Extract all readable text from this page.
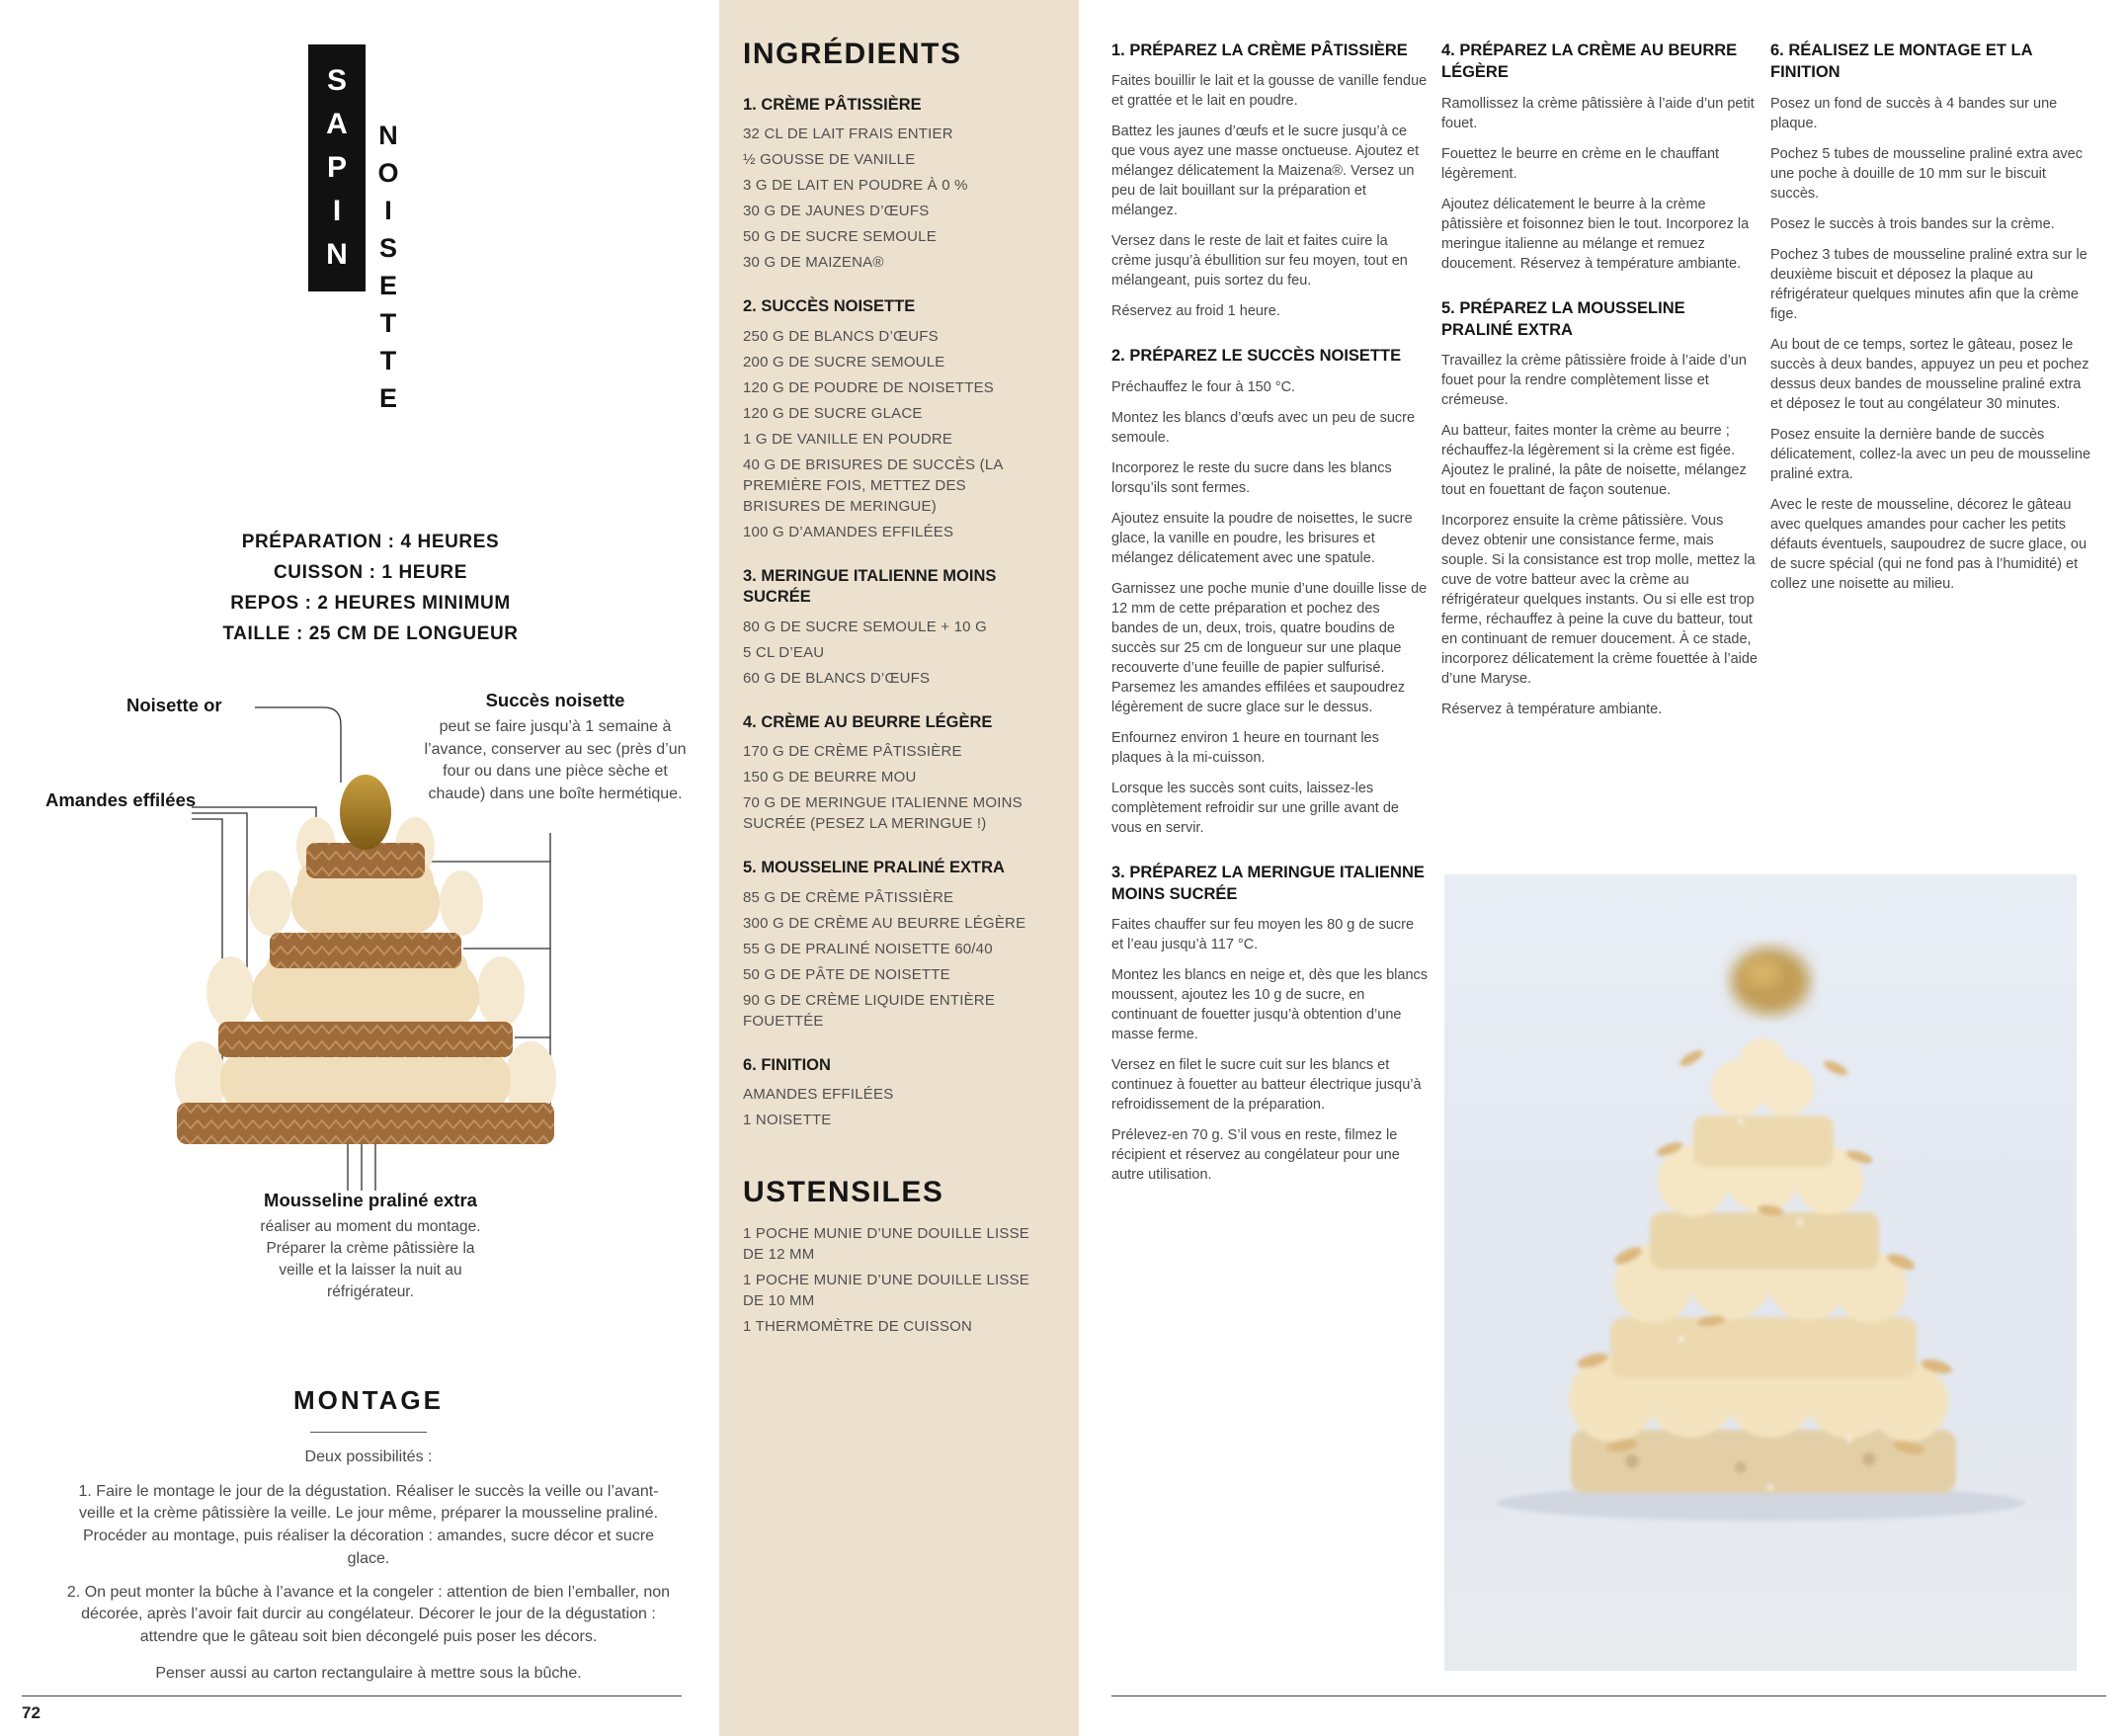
S
A
P
I
N
N
O
I
S
E
T
T
E
PRÉPARATION : 4 HEURES
CUISSON : 1 HEURE
REPOS : 2 HEURES MINIMUM
TAILLE : 25 CM DE LONGUEUR
Noisette or	Succès noisette
peut se faire jusqu’à 1 semaine à l’avance, conserver au sec (près d’un four ou dans une pièce sèche et chaude) dans une boîte hermétique.
Amandes effilées
Mousseline praliné extra
réaliser au moment du montage. Préparer la crème pâtissière la veille et la laisser la nuit au réfrigérateur.
MONTAGE

Deux possibilités :

1. Faire le montage le jour de la dégustation. Réaliser le succès la veille ou l’avant-veille et la crème pâtissière la veille. Le jour même, préparer la mousseline praliné. Procéder au montage, puis réaliser la décoration : amandes, sucre décor et sucre glace.

2. On peut monter la bûche à l’avance et la congeler : attention de bien l’emballer, non décorée, après l’avoir fait durcir au congélateur. Décorer le jour de la dégustation : attendre que le gâteau soit bien décongelé puis poser les décors.

Penser aussi au carton rectangulaire à mettre sous la bûche.

INGRÉDIENTS
1. CRÈME PÂTISSIÈRE
32 CL DE LAIT FRAIS ENTIER
½ GOUSSE DE VANILLE
3 G DE LAIT EN POUDRE À 0 %
30 G DE JAUNES D’ŒUFS
50 G DE SUCRE SEMOULE
30 G DE MAIZENA®
2. SUCCÈS NOISETTE
250 G DE BLANCS D’ŒUFS
200 G DE SUCRE SEMOULE
120 G DE POUDRE DE NOISETTES
120 G DE SUCRE GLACE
1 G DE VANILLE EN POUDRE
40 G DE BRISURES DE SUCCÈS (LA PREMIÈRE FOIS, METTEZ DES BRISURES DE MERINGUE)
100 G D’AMANDES EFFILÉES
3. MERINGUE ITALIENNE MOINS SUCRÉE
80 G DE SUCRE SEMOULE + 10 G
5 CL D’EAU
60 G DE BLANCS D’ŒUFS
4. CRÈME AU BEURRE LÉGÈRE
170 G DE CRÈME PÂTISSIÈRE
150 G DE BEURRE MOU
70 G DE MERINGUE ITALIENNE MOINS SUCRÉE (PESEZ LA MERINGUE !)
5. MOUSSELINE PRALINÉ EXTRA
85 G DE CRÈME PÂTISSIÈRE
300 G DE CRÈME AU BEURRE LÉGÈRE
55 G DE PRALINÉ NOISETTE 60/40
50 G DE PÂTE DE NOISETTE
90 G DE CRÈME LIQUIDE ENTIÈRE FOUETTÉE
6. FINITION
AMANDES EFFILÉES
1 NOISETTE
USTENSILES
1 POCHE MUNIE D’UNE DOUILLE LISSE DE 12 MM
1 POCHE MUNIE D’UNE DOUILLE LISSE DE 10 MM
1 THERMOMÈTRE DE CUISSON
1. PRÉPAREZ LA CRÈME PÂTISSIÈRE

Faites bouillir le lait et la gousse de vanille fendue et grattée et le lait en poudre.

Battez les jaunes d’œufs et le sucre jusqu’à ce que vous ayez une masse onctueuse. Ajoutez et mélangez délicatement la Maizena®. Versez un peu de lait bouillant sur la préparation et mélangez.

Versez dans le reste de lait et faites cuire la crème jusqu’à ébullition sur feu moyen, tout en mélangeant, puis sortez du feu.

Réservez au froid 1 heure.

2. PRÉPAREZ LE SUCCÈS NOISETTE

Préchauffez le four à 150 °C.

Montez les blancs d’œufs avec un peu de sucre semoule.

Incorporez le reste du sucre dans les blancs lorsqu’ils sont fermes.

Ajoutez ensuite la poudre de noisettes, le sucre glace, la vanille en poudre, les brisures et mélangez délicatement avec une spatule.

Garnissez une poche munie d’une douille lisse de 12 mm de cette préparation et pochez des bandes de un, deux, trois, quatre boudins de succès sur 25 cm de longueur sur une plaque recouverte d’une feuille de papier sulfurisé. Parsemez les amandes effilées et saupoudrez légèrement de sucre glace sur le dessus.

Enfournez environ 1 heure en tournant les plaques à la mi-cuisson.

Lorsque les succès sont cuits, laissez-les complètement refroidir sur une grille avant de vous en servir.

3. PRÉPAREZ LA MERINGUE ITALIENNE MOINS SUCRÉE

Faites chauffer sur feu moyen les 80 g de sucre et l’eau jusqu’à 117 °C.

Montez les blancs en neige et, dès que les blancs moussent, ajoutez les 10 g de sucre, en continuant de fouetter jusqu’à obtention d’une masse ferme.

Versez en filet le sucre cuit sur les blancs et continuez à fouetter au batteur électrique jusqu’à refroidissement de la préparation.

Prélevez-en 70 g. S’il vous en reste, filmez le récipient et réservez au congélateur pour une autre utilisation.

4. PRÉPAREZ LA CRÈME AU BEURRE LÉGÈRE

Ramollissez la crème pâtissière à l’aide d’un petit fouet.

Fouettez le beurre en crème en le chauffant légèrement.

Ajoutez délicatement le beurre à la crème pâtissière et foisonnez bien le tout. Incorporez la meringue italienne au mélange et remuez doucement. Réservez à température ambiante.

5. PRÉPAREZ LA MOUSSELINE PRALINÉ EXTRA

Travaillez la crème pâtissière froide à l’aide d’un fouet pour la rendre complètement lisse et crémeuse.

Au batteur, faites monter la crème au beurre ; réchauffez-la légèrement si la crème est figée. Ajoutez le praliné, la pâte de noisette, mélangez tout en fouettant de façon soutenue.

Incorporez ensuite la crème pâtissière. Vous devez obtenir une consistance ferme, mais souple. Si la consistance est trop molle, mettez la cuve de votre batteur avec la crème au réfrigérateur quelques instants. Ou si elle est trop ferme, réchauffez à peine la cuve du batteur, tout en continuant de remuer doucement. À ce stade, incorporez délicatement la crème fouettée à l’aide d’une Maryse.

Réservez à température ambiante.

6. RÉALISEZ LE MONTAGE ET LA FINITION

Posez un fond de succès à 4 bandes sur une plaque.

Pochez 5 tubes de mousseline praliné extra avec une poche à douille de 10 mm sur le biscuit succès.

Posez le succès à trois bandes sur la crème.

Pochez 3 tubes de mousseline praliné extra sur le deuxième biscuit et déposez la plaque au réfrigérateur quelques minutes afin que la crème fige.

Au bout de ce temps, sortez le gâteau, posez le succès à deux bandes, appuyez un peu et pochez dessus deux bandes de mousseline praliné extra et déposez le tout au congélateur 30 minutes.

Posez ensuite la dernière bande de succès délicatement, collez-la avec un peu de mousseline praliné extra.

Avec le reste de mousseline, décorez le gâteau avec quelques amandes pour cacher les petits défauts éventuels, saupoudrez de sucre glace, ou de sucre spécial (qui ne fond pas à l’humidité) et collez une noisette au milieu.

72
